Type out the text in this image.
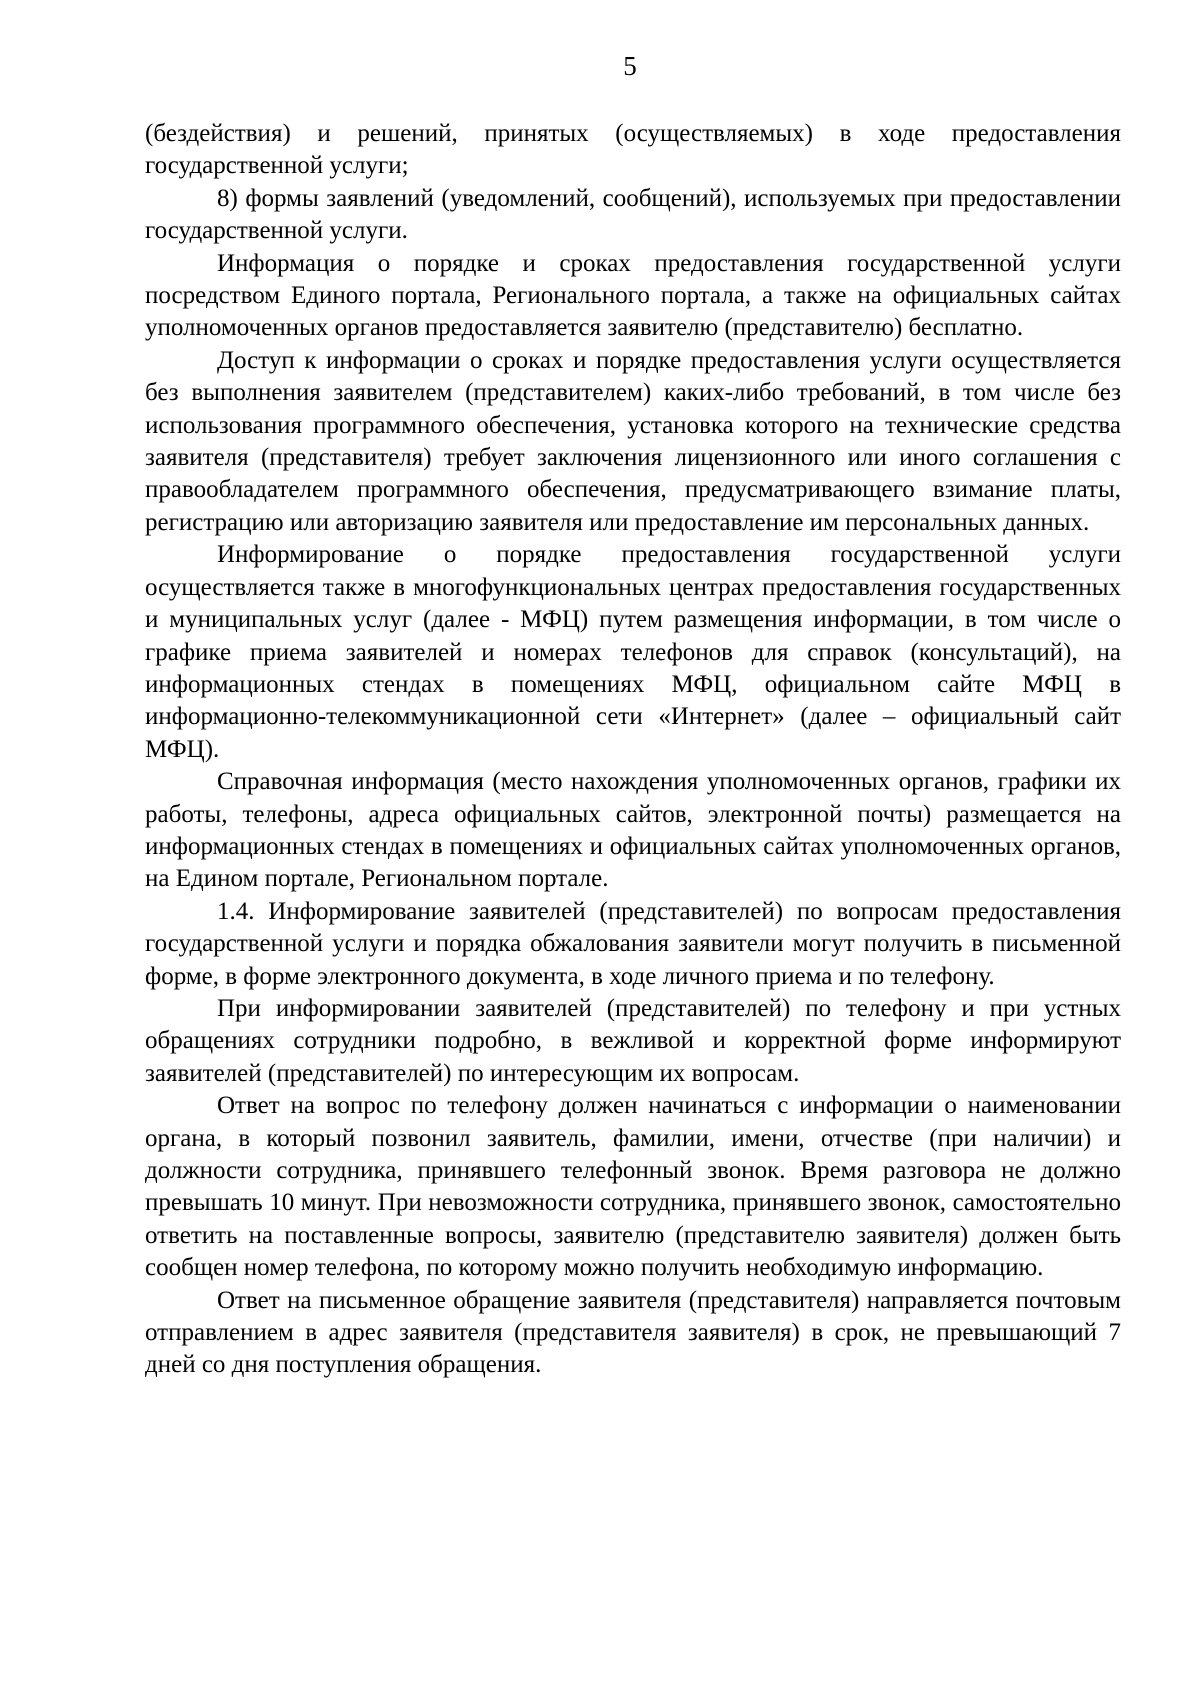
5

(бездействия) и решений, принятых (осуществляемых) в ходе предоставления государственной услуги;

8) формы заявлений (уведомлений, сообщений), используемых при предоставлении государственной услуги.

Информация о порядке и сроках предоставления государственной услуги посредством Единого портала, Регионального портала, а также на официальных сайтах уполномоченных органов предоставляется заявителю (представителю) бесплатно.

Доступ к информации о сроках и порядке предоставления услуги осуществляется без выполнения заявителем (представителем) каких-либо требований, в том числе без использования программного обеспечения, установка которого на технические средства заявителя (представителя) требует заключения лицензионного или иного соглашения с правообладателем программного обеспечения, предусматривающего взимание платы, регистрацию или авторизацию заявителя или предоставление им персональных данных.

Информирование о порядке предоставления государственной услуги осуществляется также в многофункциональных центрах предоставления государственных и муниципальных услуг (далее - МФЦ) путем размещения информации, в том числе о графике приема заявителей и номерах телефонов для справок (консультаций), на информационных стендах в помещениях МФЦ, официальном сайте МФЦ в информационно-телекоммуникационной сети «Интернет» (далее – официальный сайт МФЦ).

Справочная информация (место нахождения уполномоченных органов, графики их работы, телефоны, адреса официальных сайтов, электронной почты) размещается на информационных стендах в помещениях и официальных сайтах уполномоченных органов, на Едином портале, Региональном портале.

1.4. Информирование заявителей (представителей) по вопросам предоставления государственной услуги и порядка обжалования заявители могут получить в письменной форме, в форме электронного документа, в ходе личного приема и по телефону.

При информировании заявителей (представителей) по телефону и при устных обращениях сотрудники подробно, в вежливой и корректной форме информируют заявителей (представителей) по интересующим их вопросам.

Ответ на вопрос по телефону должен начинаться с информации о наименовании органа, в который позвонил заявитель, фамилии, имени, отчестве (при наличии) и должности сотрудника, принявшего телефонный звонок. Время разговора не должно превышать 10 минут. При невозможности сотрудника, принявшего звонок, самостоятельно ответить на поставленные вопросы, заявителю (представителю заявителя) должен быть сообщен номер телефона, по которому можно получить необходимую информацию.

Ответ на письменное обращение заявителя (представителя) направляется почтовым отправлением в адрес заявителя (представителя заявителя) в срок, не превышающий 7 дней со дня поступления обращения.
